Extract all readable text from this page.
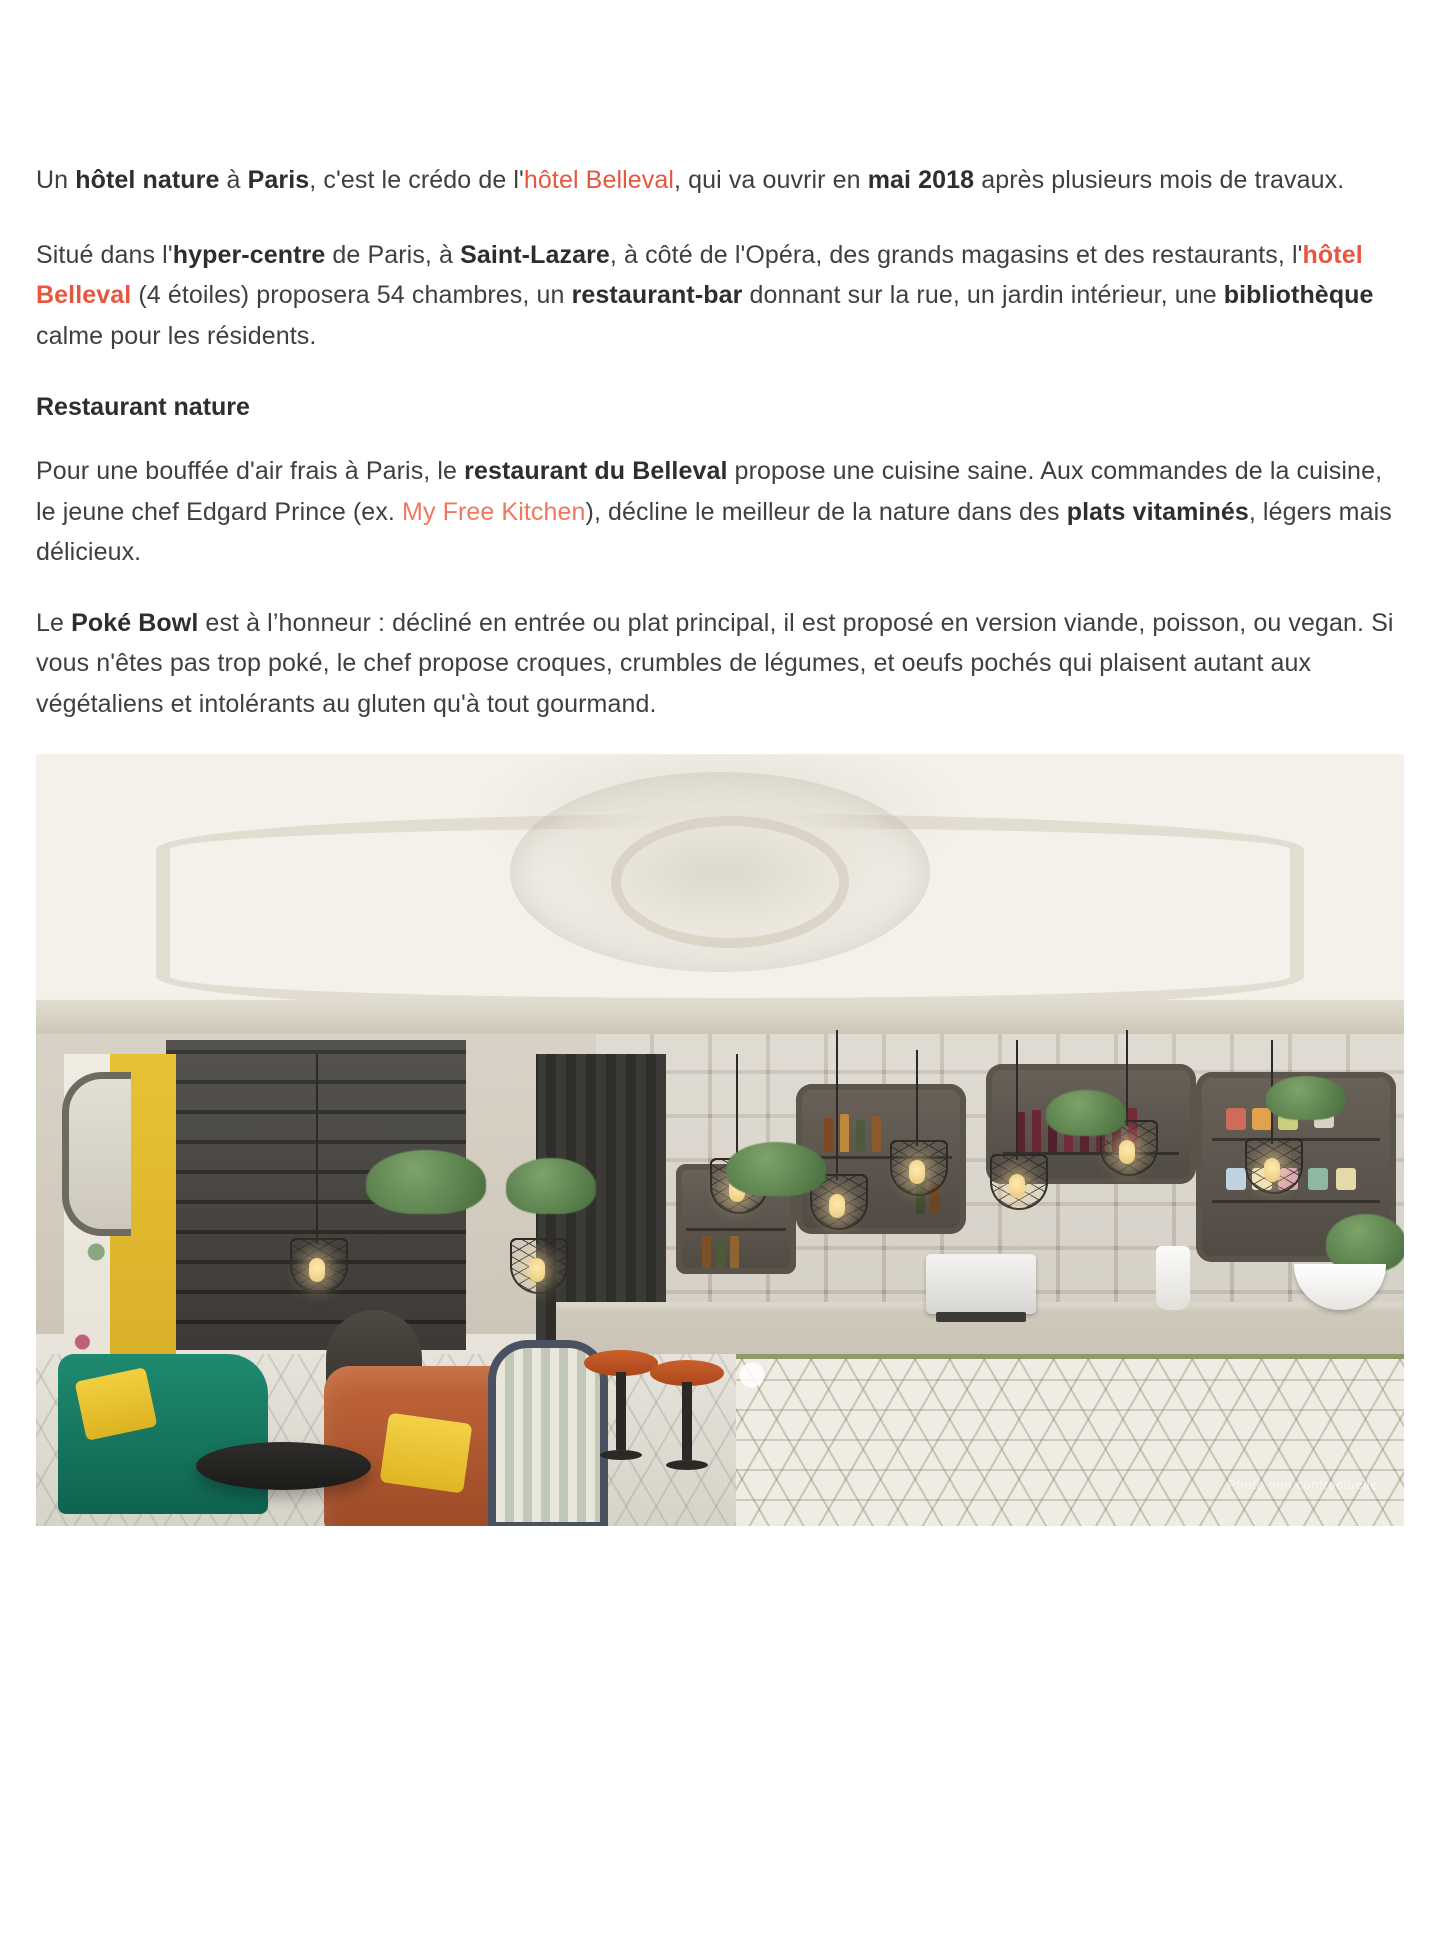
Un hôtel nature à Paris, c'est le crédo de l'hôtel Belleval, qui va ouvrir en mai 2018 après plusieurs mois de travaux.

Situé dans l'hyper-centre de Paris, à Saint-Lazare, à côté de l'Opéra, des grands magasins et des restaurants, l'hôtel Belleval (4 étoiles) proposera 54 chambres, un restaurant-bar donnant sur la rue, un jardin intérieur, une bibliothèque calme pour les résidents.

Restaurant nature

Pour une bouffée d'air frais à Paris, le restaurant du Belleval propose une cuisine saine. Aux commandes de la cuisine, le jeune chef Edgard Prince (ex. My Free Kitchen), décline le meilleur de la nature dans des plats vitaminés, légers mais délicieux.

Le Poké Bowl est à l’honneur : décliné en entrée ou plat principal, il est proposé en version viande, poisson, ou vegan. Si vous n'êtes pas trop poké, le chef propose croques, crumbles de légumes, et oeufs pochés qui plaisent autant aux végétaliens et intolérants au gluten qu'à tout gourmand.

Photo non contractuelle
